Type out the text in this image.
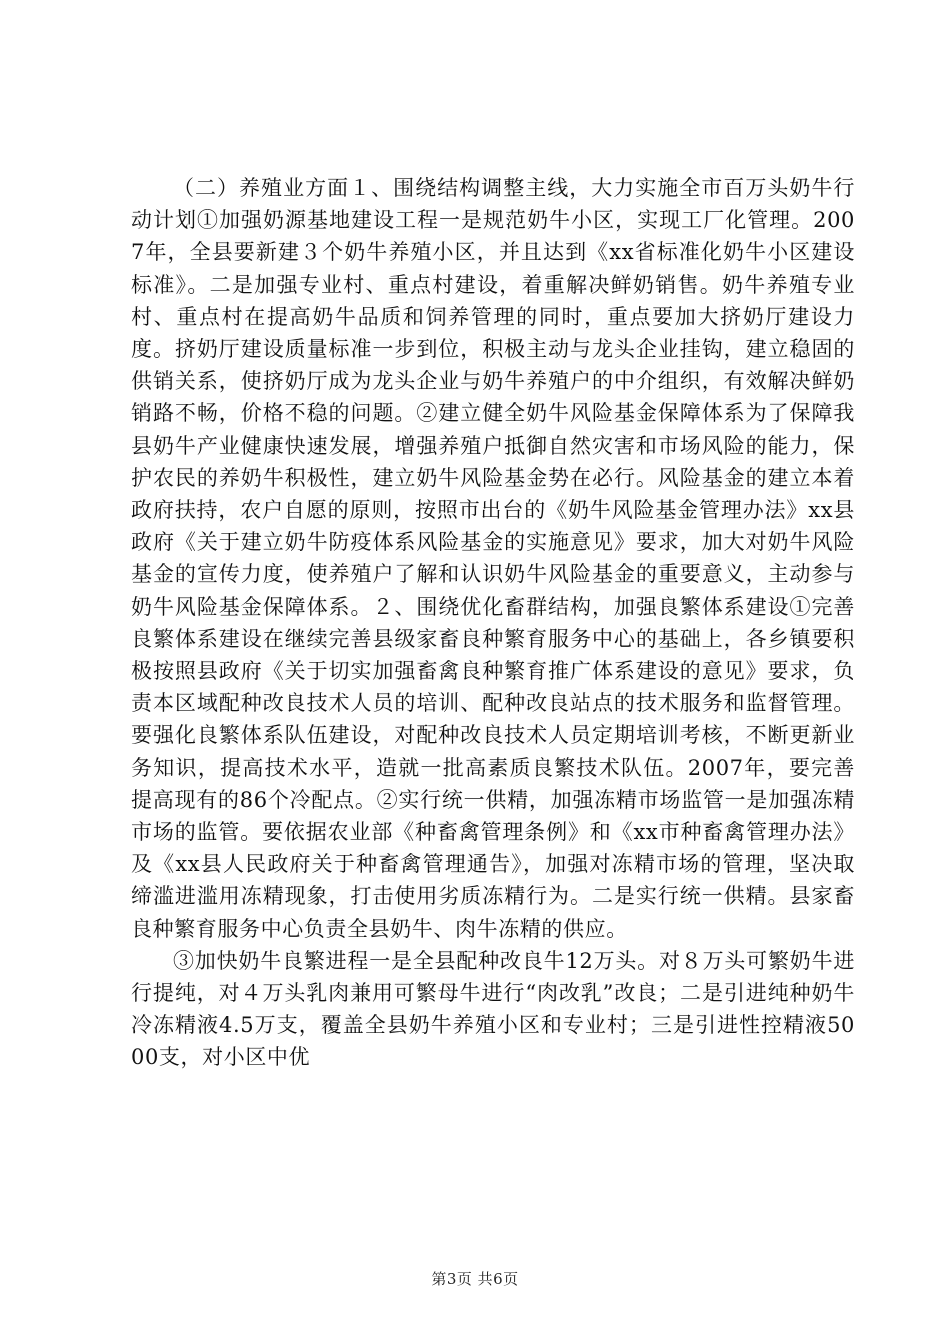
（二）养殖业方面１、围绕结构调整主线，大力实施全市百万头奶牛行动计划①加强奶源基地建设工程一是规范奶牛小区，实现工厂化管理。2007年，全县要新建３个奶牛养殖小区，并且达到《xx省标准化奶牛小区建设标准》。二是加强专业村、重点村建设，着重解决鲜奶销售。奶牛养殖专业村、重点村在提高奶牛品质和饲养管理的同时，重点要加大挤奶厅建设力度。挤奶厅建设质量标准一步到位，积极主动与龙头企业挂钩，建立稳固的供销关系，使挤奶厅成为龙头企业与奶牛养殖户的中介组织，有效解决鲜奶销路不畅，价格不稳的问题。②建立健全奶牛风险基金保障体系为了保障我县奶牛产业健康快速发展，增强养殖户抵御自然灾害和市场风险的能力，保护农民的养奶牛积极性，建立奶牛风险基金势在必行。风险基金的建立本着政府扶持，农户自愿的原则，按照市出台的《奶牛风险基金管理办法》xx县政府《关于建立奶牛防疫体系风险基金的实施意见》要求，加大对奶牛风险基金的宣传力度，使养殖户了解和认识奶牛风险基金的重要意义，主动参与奶牛风险基金保障体系。２、围绕优化畜群结构，加强良繁体系建设①完善良繁体系建设在继续完善县级家畜良种繁育服务中心的基础上，各乡镇要积极按照县政府《关于切实加强畜禽良种繁育推广体系建设的意见》要求，负责本区域配种改良技术人员的培训、配种改良站点的技术服务和监督管理。要强化良繁体系队伍建设，对配种改良技术人员定期培训考核，不断更新业务知识，提高技术水平，造就一批高素质良繁技术队伍。2007年，要完善提高现有的86个冷配点。②实行统一供精，加强冻精市场监管一是加强冻精市场的监管。要依据农业部《种畜禽管理条例》和《xx市种畜禽管理办法》及《xx县人民政府关于种畜禽管理通告》，加强对冻精市场的管理，坚决取缔滥进滥用冻精现象，打击使用劣质冻精行为。二是实行统一供精。县家畜良种繁育服务中心负责全县奶牛、肉牛冻精的供应。

③加快奶牛良繁进程一是全县配种改良牛12万头。对８万头可繁奶牛进行提纯，对４万头乳肉兼用可繁母牛进行“肉改乳”改良；二是引进纯种奶牛冷冻精液4.5万支，覆盖全县奶牛养殖小区和专业村；三是引进性控精液5000支，对小区中优

第3页 共6页
